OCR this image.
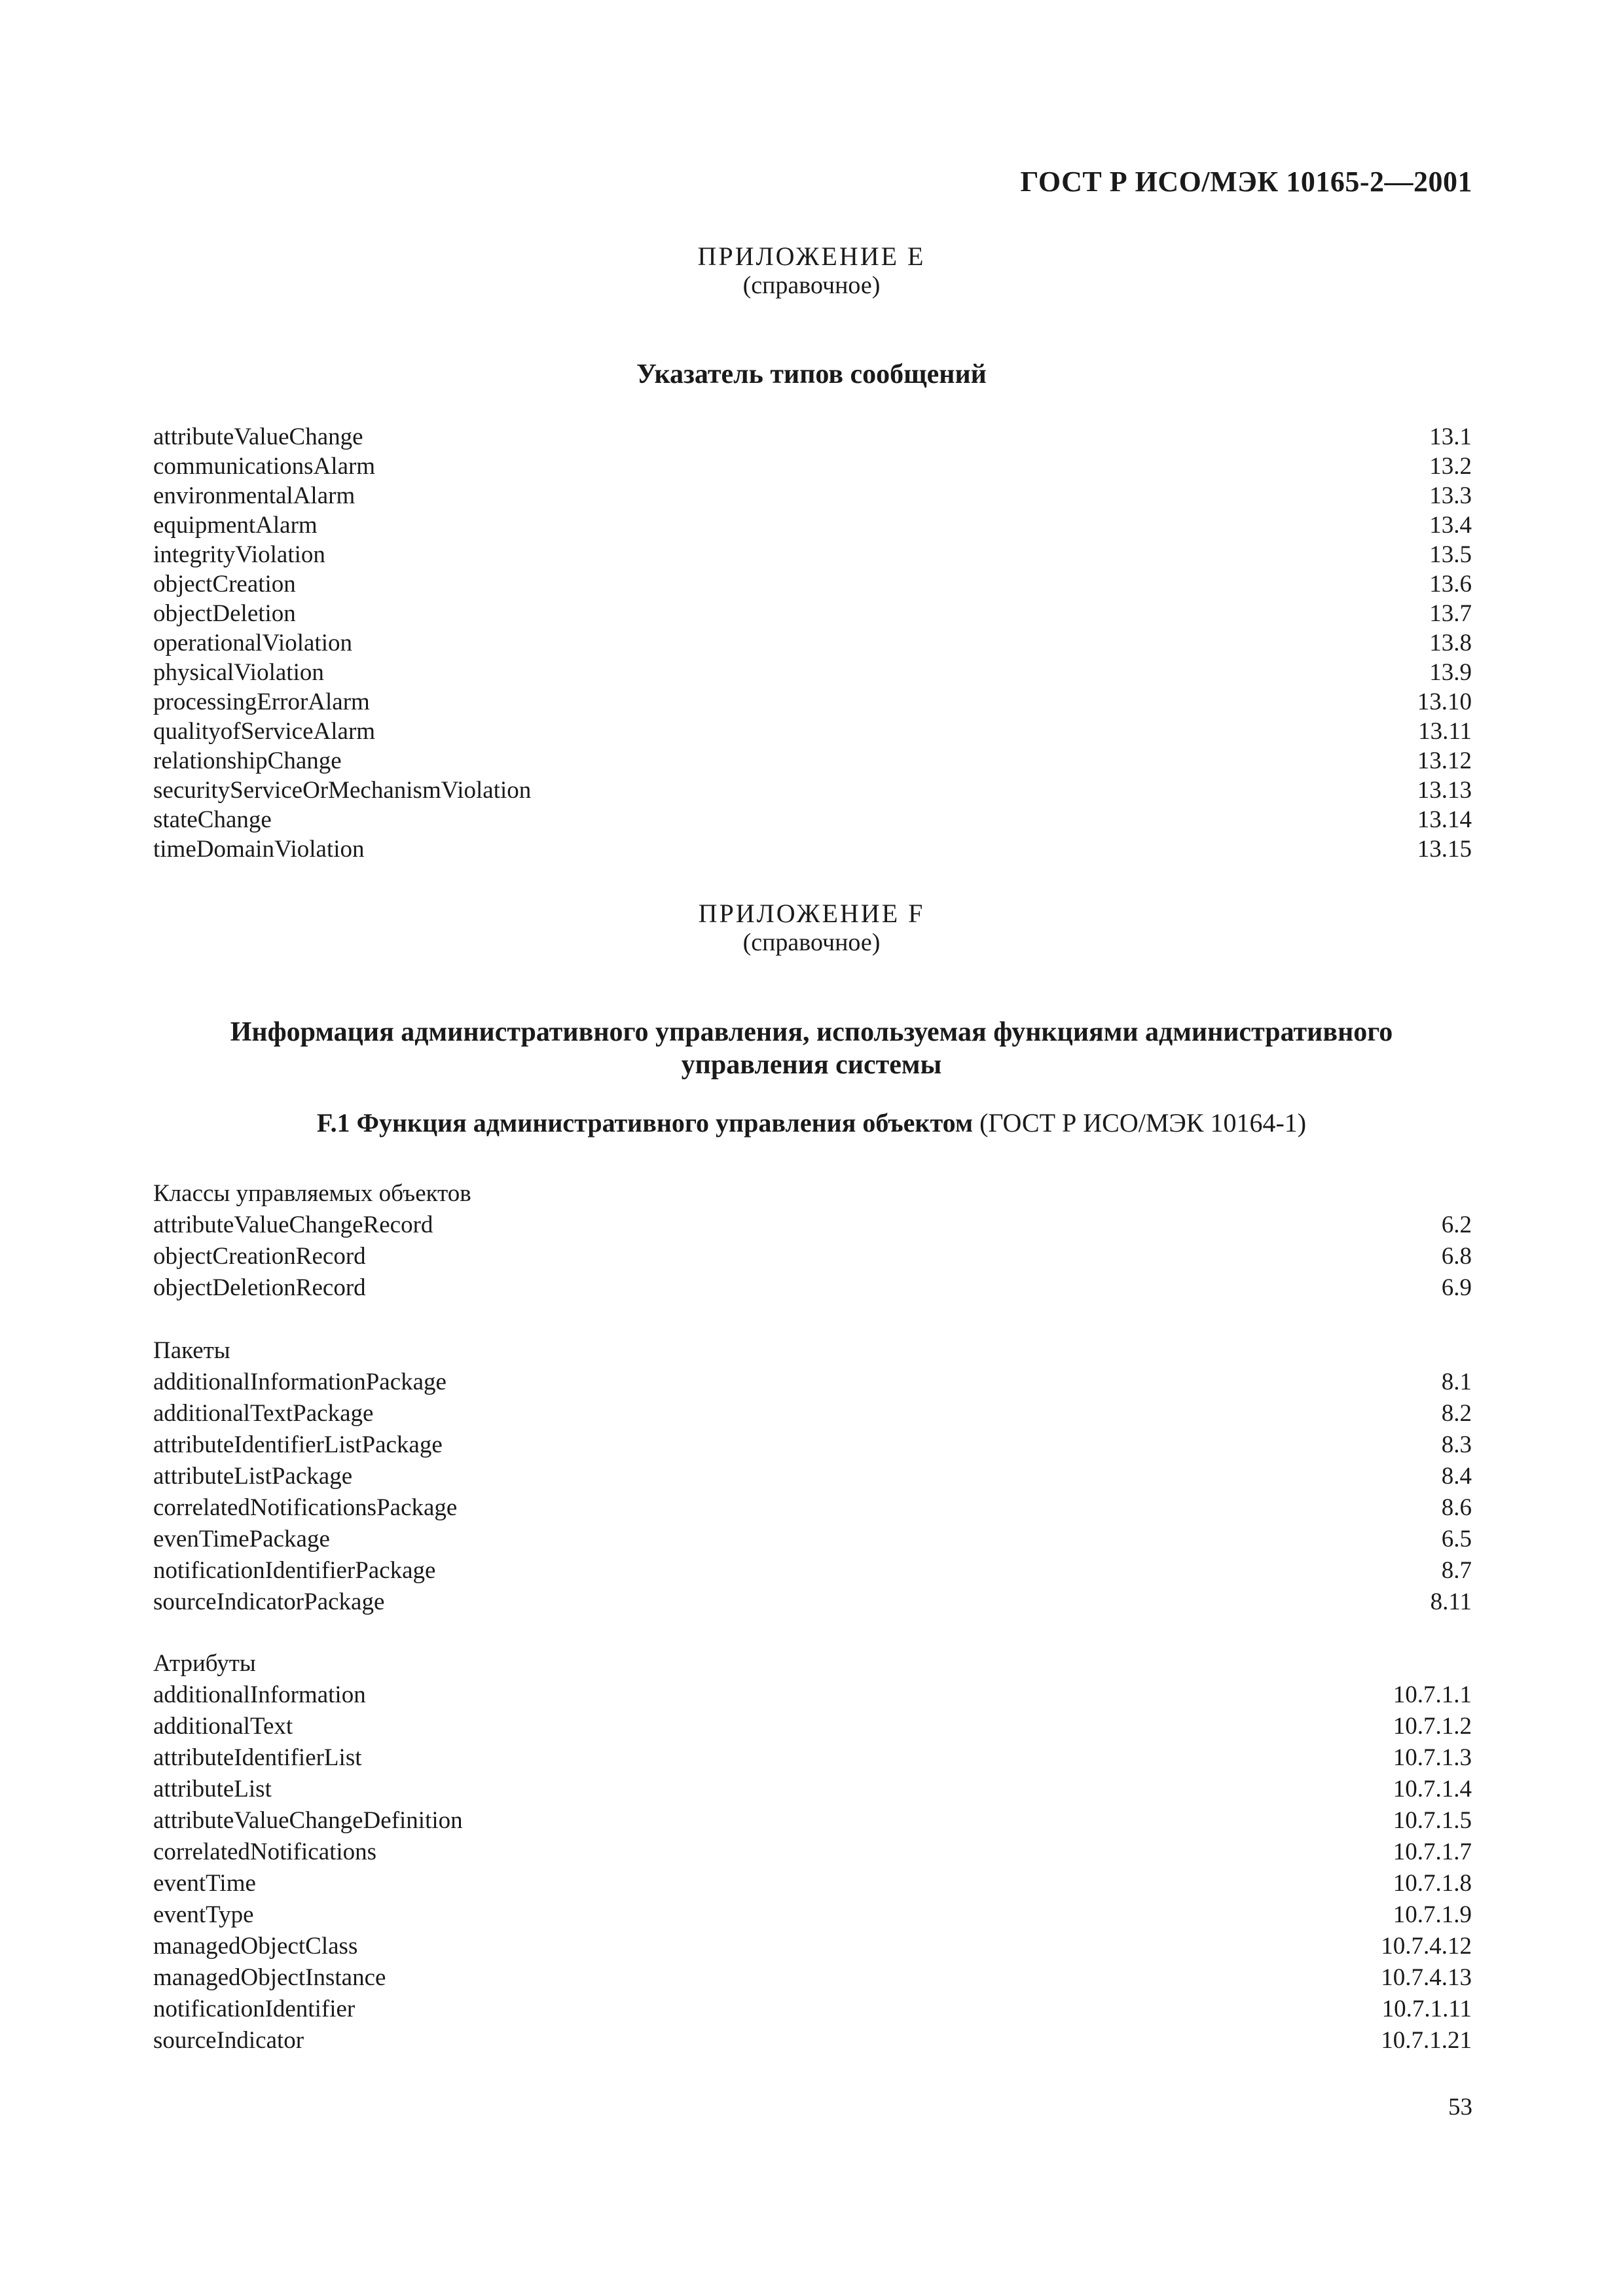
ГОСТ Р ИСО/МЭК 10165-2—2001
ПРИЛОЖЕНИЕ Е
(справочное)
Указатель типов сообщений
attributeValueChange	13.1
communicationsAlarm	13.2
environmentalAlarm	13.3
equipmentAlarm	13.4
integrityViolation	13.5
objectCreation	13.6
objectDeletion	13.7
operationalViolation	13.8
physicalViolation	13.9
processingErrorAlarm	13.10
qualityofServiceAlarm	13.11
relationshipChange	13.12
securityServiceOrMechanismViolation	13.13
stateChange	13.14
timeDomainViolation	13.15
ПРИЛОЖЕНИЕ F
(справочное)
Информация административного управления, используемая функциями административного
управления системы
F.1 Функция административного управления объектом (ГОСТ Р ИСО/МЭК 10164-1)
Классы управляемых объектов
attributeValueChangeRecord	6.2
objectCreationRecord	6.8
objectDeletionRecord	6.9
Пакеты
additionalInformationPackage	8.1
additionalTextPackage	8.2
attributeIdentifierListPackage	8.3
attributeListPackage	8.4
correlatedNotificationsPackage	8.6
evenTimePackage	6.5
notificationIdentifierPackage	8.7
sourceIndicatorPackage	8.11
Атрибуты
additionalInformation	10.7.1.1
additionalText	10.7.1.2
attributeIdentifierList	10.7.1.3
attributeList	10.7.1.4
attributeValueChangeDefinition	10.7.1.5
correlatedNotifications	10.7.1.7
eventTime	10.7.1.8
eventType	10.7.1.9
managedObjectClass	10.7.4.12
managedObjectInstance	10.7.4.13
notificationIdentifier	10.7.1.11
sourceIndicator	10.7.1.21
53
